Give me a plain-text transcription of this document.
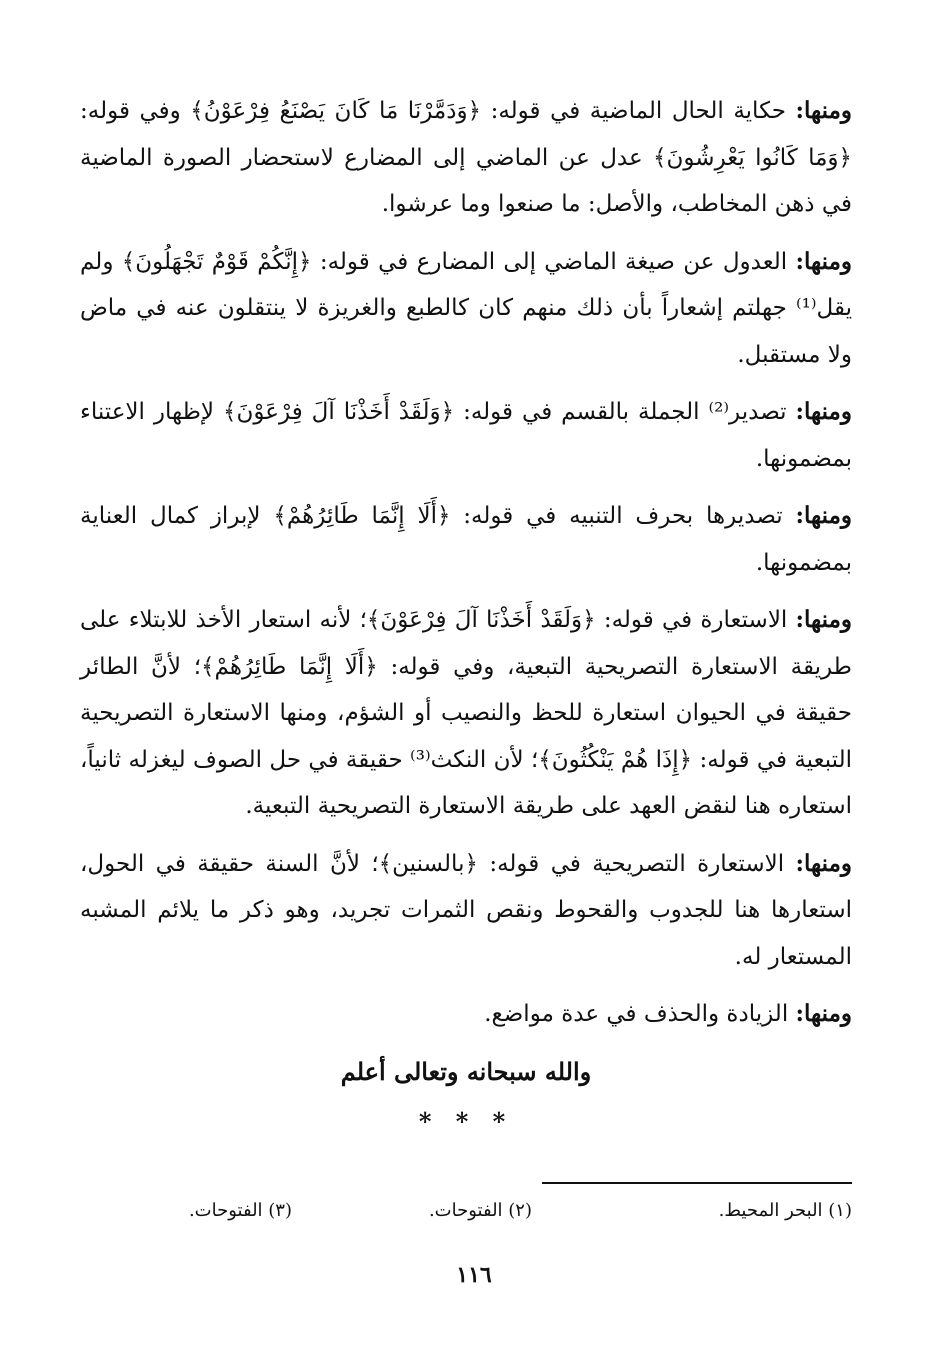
ومنها: حكاية الحال الماضية في قوله: ﴿وَدَمَّرْنَا مَا كَانَ يَصْنَعُ فِرْعَوْنُ﴾ وفي قوله: ﴿وَمَا كَانُوا يَعْرِشُونَ﴾ عدل عن الماضي إلى المضارع لاستحضار الصورة الماضية في ذهن المخاطب، والأصل: ما صنعوا وما عرشوا.

ومنها: العدول عن صيغة الماضي إلى المضارع في قوله: ﴿إِنَّكُمْ قَوْمٌ تَجْهَلُونَ﴾ ولم يقل⁽¹⁾ جهلتم إشعاراً بأن ذلك منهم كان كالطبع والغريزة لا ينتقلون عنه في ماض ولا مستقبل.

ومنها: تصدير⁽²⁾ الجملة بالقسم في قوله: ﴿وَلَقَدْ أَخَذْنَا آلَ فِرْعَوْنَ﴾ لإظهار الاعتناء بمضمونها.

ومنها: تصديرها بحرف التنبيه في قوله: ﴿أَلَا إِنَّمَا طَائِرُهُمْ﴾ لإبراز كمال العناية بمضمونها.

ومنها: الاستعارة في قوله: ﴿وَلَقَدْ أَخَذْنَا آلَ فِرْعَوْنَ﴾؛ لأنه استعار الأخذ للابتلاء على طريقة الاستعارة التصريحية التبعية، وفي قوله: ﴿أَلَا إِنَّمَا طَائِرُهُمْ﴾؛ لأنَّ الطائر حقيقة في الحيوان استعارة للحظ والنصيب أو الشؤم، ومنها الاستعارة التصريحية التبعية في قوله: ﴿إِذَا هُمْ يَنْكُثُونَ﴾؛ لأن النكث⁽³⁾ حقيقة في حل الصوف ليغزله ثانياً، استعاره هنا لنقض العهد على طريقة الاستعارة التصريحية التبعية.

ومنها: الاستعارة التصريحية في قوله: ﴿بالسنين﴾؛ لأنَّ السنة حقيقة في الحول، استعارها هنا للجدوب والقحوط ونقص الثمرات تجريد، وهو ذكر ما يلائم المشبه المستعار له.

ومنها: الزيادة والحذف في عدة مواضع.

والله سبحانه وتعالى أعلم
* * *
(١) البحر المحيط.
(٢) الفتوحات.
(٣) الفتوحات.
١١٦
